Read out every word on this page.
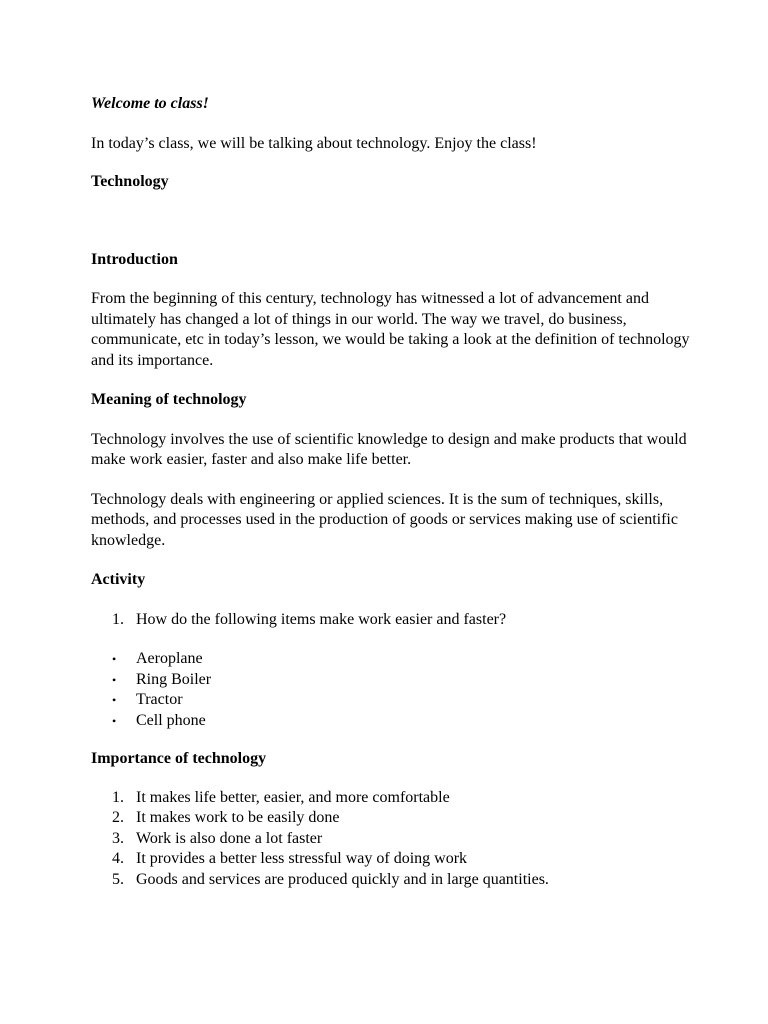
Welcome to class!

In today’s class, we will be talking about technology. Enjoy the class!

Technology

Introduction

From the beginning of this century, technology has witnessed a lot of advancement and ultimately has changed a lot of things in our world. The way we travel, do business, communicate, etc in today’s lesson, we would be taking a look at the definition of technology and its importance.

Meaning of technology

Technology involves the use of scientific knowledge to design and make products that would make work easier, faster and also make life better.

Technology deals with engineering or applied sciences. It is the sum of techniques, skills, methods, and processes used in the production of goods or services making use of scientific knowledge.

Activity

1. How do the following items make work easier and faster?
• Aeroplane
• Ring Boiler
• Tractor
• Cell phone

Importance of technology

1. It makes life better, easier, and more comfortable
2. It makes work to be easily done
3. Work is also done a lot faster
4. It provides a better less stressful way of doing work
5. Goods and services are produced quickly and in large quantities.
